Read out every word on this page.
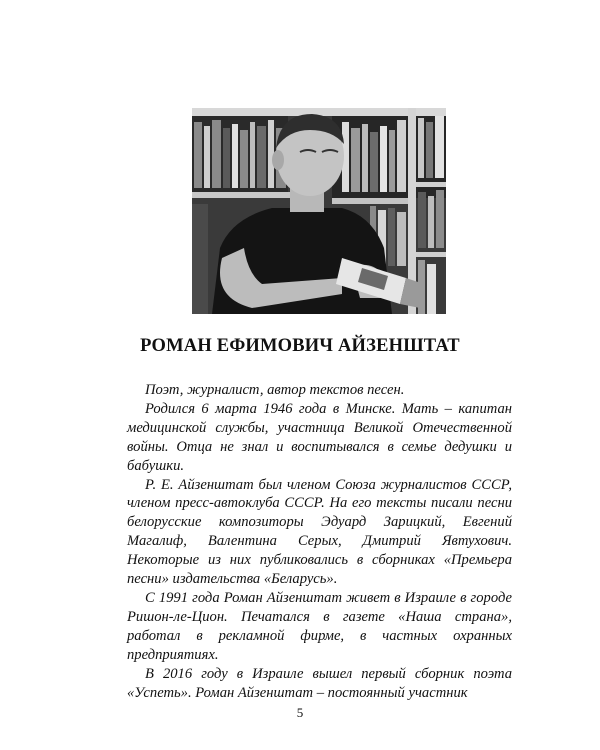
РОМАН ЕФИМОВИЧ АЙЗЕНШТАТ

Поэт, журналист, автор текстов песен.

Родился 6 марта 1946 года в Минске. Мать – капитан медицинской службы, участница Великой Отечественной войны. Отца не знал и воспитывался в семье дедушки и бабушки.

Р. Е. Айзенштат был членом Союза журналистов СССР, членом пресс-автоклуба СССР. На его тексты писали песни белорусские композиторы Эдуард Зарицкий, Евгений Магалиф, Валентина Серых, Дмитрий Явтухович. Некоторые из них публиковались в сборниках «Премьера песни» издательства «Беларусь».

С 1991 года Роман Айзенштат живет в Израиле в городе Ришон-ле-Цион. Печатался в газете «Наша страна», работал в рекламной фирме, в частных охранных предприятиях.

В 2016 году в Израиле вышел первый сборник поэта «Успеть». Роман Айзенштат – постоянный участник

5
